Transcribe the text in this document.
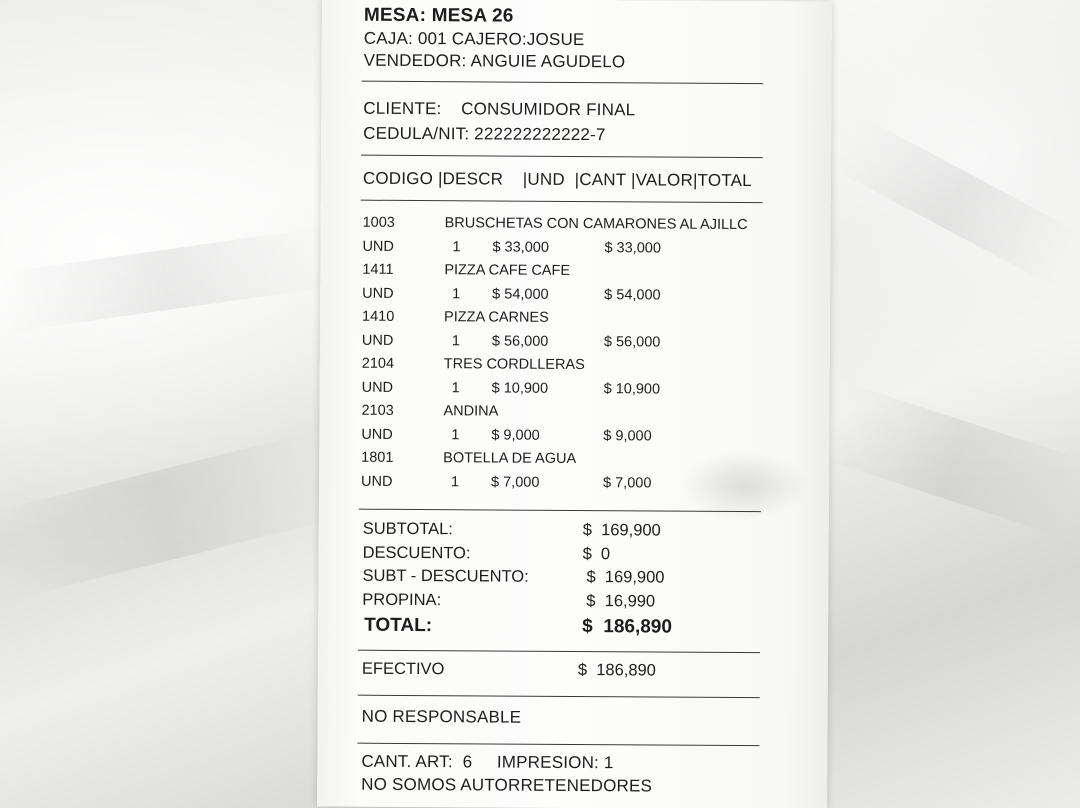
MESA: MESA 26
CAJA: 001 CAJERO:JOSUE
VENDEDOR: ANGUIE AGUDELO
CLIENTE:    CONSUMIDOR FINAL
CEDULA/NIT: 222222222222-7
CODIGO |DESCR    |UND  |CANT |VALOR|TOTAL
1003	BRUSCHETAS CON CAMARONES AL AJILLC
UND	1 $ 33,000	$ 33,000
1411	PIZZA CAFE CAFE
UND	1 $ 54,000	$ 54,000
1410	PIZZA CARNES
UND	1 $ 56,000	$ 56,000
2104	TRES CORDLLERAS
UND	1 $ 10,900	$ 10,900
2103	ANDINA
UND	1 $ 9,000	$ 9,000
1801	BOTELLA DE AGUA
UND	1 $ 7,000	$ 7,000
SUBTOTAL:	$  169,900
DESCUENTO:	$  0
SUBT - DESCUENTO:	$  169,900
PROPINA:	$  16,990
TOTAL:	$  186,890
EFECTIVO	$  186,890
NO RESPONSABLE
CANT. ART:  6     IMPRESION: 1
NO SOMOS AUTORRETENEDORES
